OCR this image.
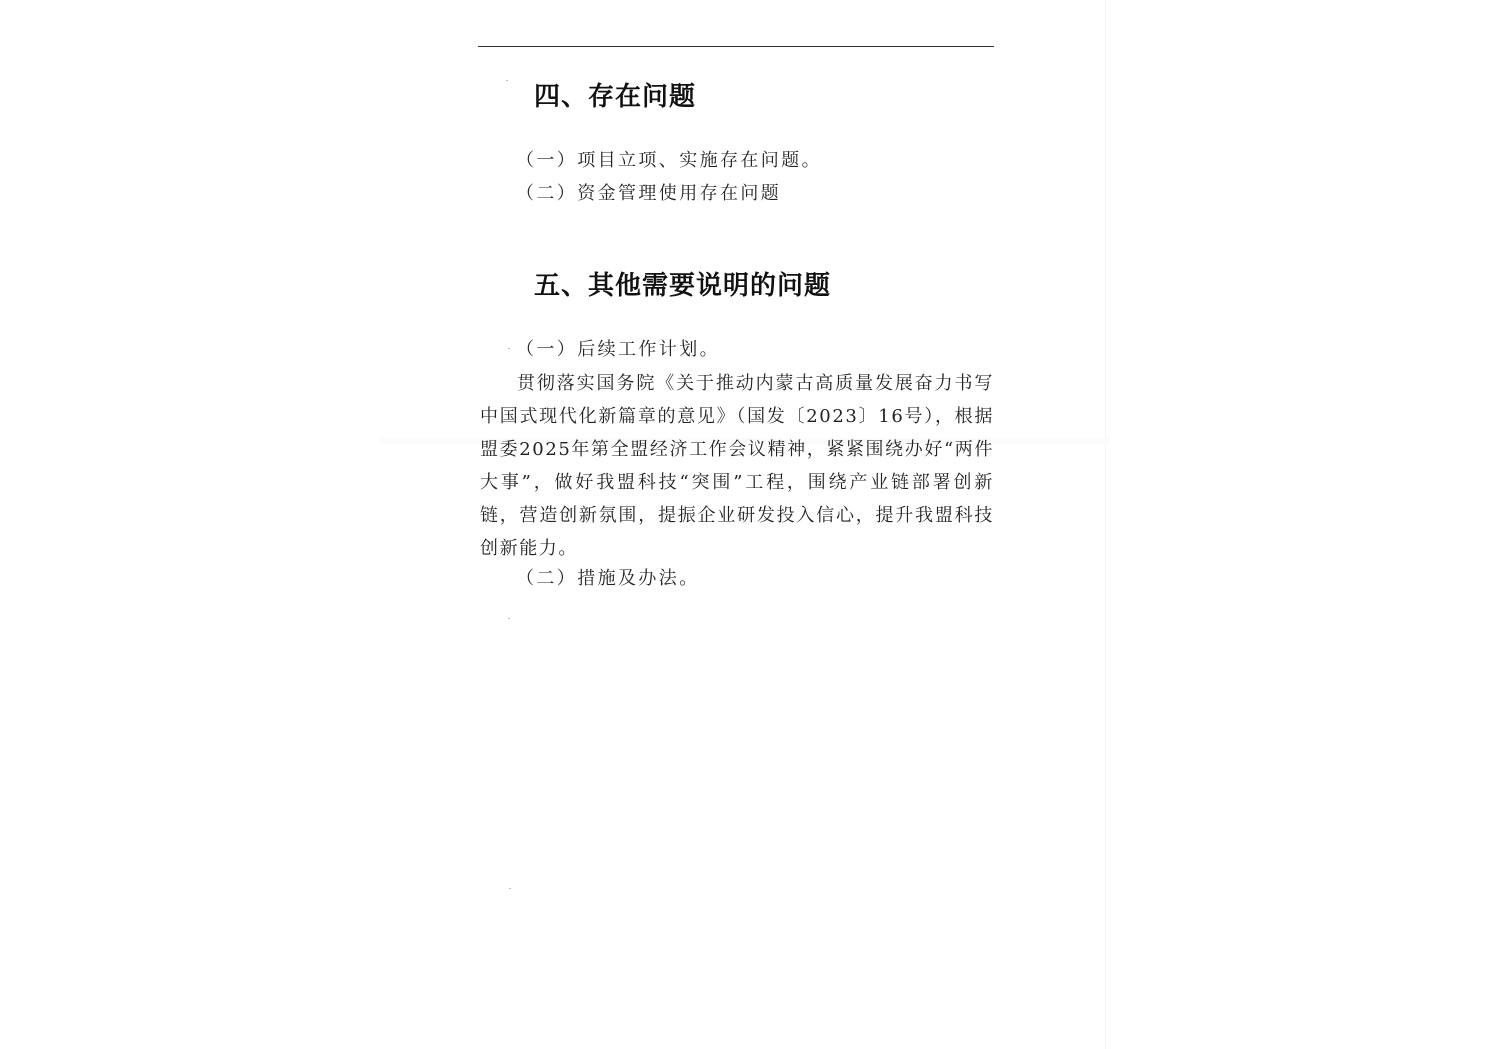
四、存在问题

（一）项目立项、实施存在问题。

（二）资金管理使用存在问题

五、其他需要说明的问题

（一）后续工作计划。

贯彻落实国务院《关于推动内蒙古高质量发展奋力书写中国式现代化新篇章的意见》（国发〔2023〕16号），根据盟委2025年第全盟经济工作会议精神，紧紧围绕办好“两件大事”，做好我盟科技“突围”工程，围绕产业链部署创新链，营造创新氛围，提振企业研发投入信心，提升我盟科技创新能力。

（二）措施及办法。
